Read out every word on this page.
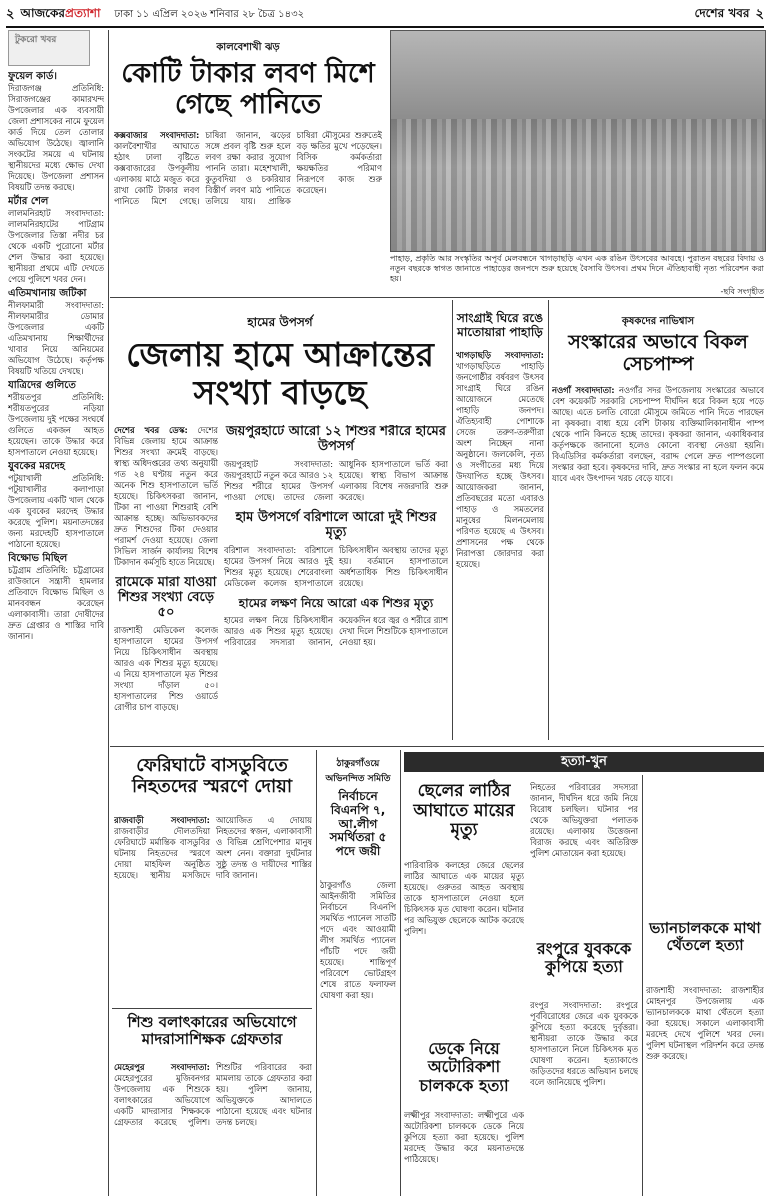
২ আজকেরপ্রত্যাশা ঢাকা ১১ এপ্রিল ২০২৬ শনিবার ২৮ চৈত্র ১৪৩২	দেশের খবর ২
টুকরো খবর
ফুয়েল কার্ড।
দিরাজগঞ্জ প্রতিনিধি: সিরাজগঞ্জের কামারখন্দ উপজেলার এক ব্যবসায়ী জেলা প্রশাসকের নামে ফুয়েল কার্ড দিয়ে তেল তোলার অভিযোগ উঠেছে। জ্বালানি সংকটের সময়ে এ ঘটনায় স্থানীয়দের মধ্যে ক্ষোভ দেখা দিয়েছে। উপজেলা প্রশাসন বিষয়টি তদন্ত করছে।
মর্টার শেল
লালমনিরহাট সংবাদদাতা: লালমনিরহাটের পাটগ্রাম উপজেলার তিস্তা নদীর চর থেকে একটি পুরোনো মর্টার শেল উদ্ধার করা হয়েছে। স্থানীয়রা প্রথমে এটি দেখতে পেয়ে পুলিশে খবর দেন।
এতিমখানায় জটিকা
নীলফামারী সংবাদদাতা: নীলফামারীর ডোমার উপজেলার একটি এতিমখানায় শিক্ষার্থীদের খাবার নিয়ে অনিয়মের অভিযোগ উঠেছে। কর্তৃপক্ষ বিষয়টি খতিয়ে দেখছে।
যাত্রিদের গুলিতে
শরীয়তপুর প্রতিনিধি: শরীয়তপুরের নড়িয়া উপজেলায় দুই পক্ষের সংঘর্ষে গুলিতে একজন আহত হয়েছেন। তাকে উদ্ধার করে হাসপাতালে নেওয়া হয়েছে।
যুবকের মরদেহ
পটুয়াখালী প্রতিনিধি: পটুয়াখালীর কলাপাড়া উপজেলায় একটি খাল থেকে এক যুবকের মরদেহ উদ্ধার করেছে পুলিশ। ময়নাতদন্তের জন্য মরদেহটি হাসপাতালে পাঠানো হয়েছে।
বিক্ষোভ মিছিল
চট্টগ্রাম প্রতিনিধি: চট্টগ্রামের রাউজানে সন্ত্রাসী হামলার প্রতিবাদে বিক্ষোভ মিছিল ও মানববন্ধন করেছেন এলাকাবাসী। তারা দোষীদের দ্রুত গ্রেপ্তার ও শাস্তির দাবি জানান।
কালবেশাখী ঝড়
কোটি টাকার লবণ মিশে গেছে পানিতে
কক্সবাজার সংবাদদাতা: কালবৈশাখীর আঘাতে হঠাৎ ঢালা বৃষ্টিতে কক্সবাজারের উপকূলীয় এলাকায় মাঠে মজুত করে রাখা কোটি টাকার লবণ পানিতে মিশে গেছে। চাষিরা জানান, ঝড়ের সঙ্গে প্রবল বৃষ্টি শুরু হলে লবণ রক্ষা করার সুযোগ পাননি তারা। মহেশখালী, কুতুবদিয়া ও চকরিয়ার বিস্তীর্ণ লবণ মাঠ পানিতে তলিয়ে যায়। প্রান্তিক চাষিরা মৌসুমের শুরুতেই বড় ক্ষতির মুখে পড়েছেন। বিসিক কর্মকর্তারা ক্ষয়ক্ষতির পরিমাণ নিরূপণে কাজ শুরু করেছেন।
পাহাড়, প্রকৃতি আর সংস্কৃতির অপূর্ব মেলবন্ধনে খাগড়াছড়ি এখন এক রঙিন উৎসবের আবহে। পুরাতন বছরের বিদায় ও নতুন বছরকে স্বাগত জানাতে পাহাড়ের জনপদে শুরু হয়েছে বৈসাবি উৎসব। প্রথম দিনে ঐতিহ্যবাহী নৃত্য পরিবেশন করা হয়।
-ছবি সংগৃহীত
হামের উপসর্গ
জেলায় হামে আক্রান্তের সংখ্যা বাড়ছে
দেশের খবর ডেস্ক: দেশের বিভিন্ন জেলায় হামে আক্রান্ত শিশুর সংখ্যা ক্রমেই বাড়ছে। স্বাস্থ্য অধিদপ্তরের তথ্য অনুযায়ী গত ২৪ ঘণ্টায় নতুন করে অনেক শিশু হাসপাতালে ভর্তি হয়েছে। চিকিৎসকরা জানান, টিকা না পাওয়া শিশুরাই বেশি আক্রান্ত হচ্ছে। অভিভাবকদের দ্রুত শিশুদের টিকা দেওয়ার পরামর্শ দেওয়া হয়েছে। জেলা সিভিল সার্জন কার্যালয় বিশেষ টিকাদান কর্মসূচি হাতে নিয়েছে।
রামেকে মারা যাওয়া শিশুর সংখ্যা বেড়ে ৫০
রাজশাহী মেডিকেল কলেজ হাসপাতালে হামের উপসর্গ নিয়ে চিকিৎসাধীন অবস্থায় আরও এক শিশুর মৃত্যু হয়েছে। এ নিয়ে হাসপাতালে মৃত শিশুর সংখ্যা দাঁড়াল ৫০। হাসপাতালের শিশু ওয়ার্ডে রোগীর চাপ বাড়ছে।
জয়পুরহাটে আরো ১২ শিশুর শরীরে হামের উপসর্গ
জয়পুরহাট সংবাদদাতা: জয়পুরহাটে নতুন করে আরও ১২ শিশুর শরীরে হামের উপসর্গ পাওয়া গেছে। তাদের জেলা আধুনিক হাসপাতালে ভর্তি করা হয়েছে। স্বাস্থ্য বিভাগ আক্রান্ত এলাকায় বিশেষ নজরদারি শুরু করেছে।
হাম উপসর্গে বরিশালে আরো দুই শিশুর মৃত্যু
বরিশাল সংবাদদাতা: বরিশালে হামের উপসর্গ নিয়ে আরও দুই শিশুর মৃত্যু হয়েছে। শেরেবাংলা মেডিকেল কলেজ হাসপাতালে চিকিৎসাধীন অবস্থায় তাদের মৃত্যু হয়। বর্তমানে হাসপাতালে অর্ধশতাধিক শিশু চিকিৎসাধীন রয়েছে।
হামের লক্ষণ নিয়ে আরো এক শিশুর মৃত্যু
হামের লক্ষণ নিয়ে চিকিৎসাধীন আরও এক শিশুর মৃত্যু হয়েছে। পরিবারের সদস্যরা জানান, কয়েকদিন ধরে জ্বর ও শরীরে র‍্যাশ দেখা দিলে শিশুটিকে হাসপাতালে নেওয়া হয়।
সাংগ্রাই ঘিরে রঙে মাতোয়ারা পাহাড়ি
খাগড়াছড়ি সংবাদদাতা: খাগড়াছড়িতে পাহাড়ি জনগোষ্ঠীর বর্ষবরণ উৎসব সাংগ্রাই ঘিরে রঙিন আয়োজনে মেতেছে পাহাড়ি জনপদ। ঐতিহ্যবাহী পোশাকে সেজে তরুণ-তরুণীরা অংশ নিচ্ছেন নানা অনুষ্ঠানে। জলকেলি, নৃত্য ও সংগীতের মধ্য দিয়ে উদযাপিত হচ্ছে উৎসব। আয়োজকরা জানান, প্রতিবছরের মতো এবারও পাহাড় ও সমতলের মানুষের মিলনমেলায় পরিণত হয়েছে এ উৎসব। প্রশাসনের পক্ষ থেকে নিরাপত্তা জোরদার করা হয়েছে।
কৃষকদের নাভিশ্বাস
সংস্কারের অভাবে বিকল সেচপাম্প
নওগাঁ সংবাদদাতা: নওগাঁর সদর উপজেলায় সংস্কারের অভাবে বেশ কয়েকটি সরকারি সেচপাম্প দীর্ঘদিন ধরে বিকল হয়ে পড়ে আছে। এতে চলতি বোরো মৌসুমে জমিতে পানি দিতে পারছেন না কৃষকরা। বাধ্য হয়ে বেশি টাকায় ব্যক্তিমালিকানাধীন পাম্প থেকে পানি কিনতে হচ্ছে তাদের। কৃষকরা জানান, একাধিকবার কর্তৃপক্ষকে জানানো হলেও কোনো ব্যবস্থা নেওয়া হয়নি। বিএডিসির কর্মকর্তারা বলছেন, বরাদ্দ পেলে দ্রুত পাম্পগুলো সংস্কার করা হবে। কৃষকদের দাবি, দ্রুত সংস্কার না হলে ফলন কমে যাবে এবং উৎপাদন খরচ বেড়ে যাবে।
ফেরিঘাটে বাসডুবিতে নিহতদের স্মরণে দোয়া
রাজবাড়ী সংবাদদাতা: রাজবাড়ীর দৌলতদিয়া ফেরিঘাটে মর্মান্তিক বাসডুবির ঘটনায় নিহতদের স্মরণে দোয়া মাহফিল অনুষ্ঠিত হয়েছে। স্থানীয় মসজিদে আয়োজিত এ দোয়ায় নিহতদের স্বজন, এলাকাবাসী ও বিভিন্ন শ্রেণিপেশার মানুষ অংশ নেন। বক্তারা দুর্ঘটনার সুষ্ঠু তদন্ত ও দায়ীদের শাস্তির দাবি জানান।
শিশু বলাৎকারের অভিযোগে মাদরাসাশিক্ষক গ্রেফতার
মেহেরপুর সংবাদদাতা: মেহেরপুরের মুজিবনগর উপজেলায় এক শিশুকে বলাৎকারের অভিযোগে একটি মাদরাসার শিক্ষককে গ্রেফতার করেছে পুলিশ। শিশুটির পরিবারের করা মামলায় তাকে গ্রেফতার করা হয়। পুলিশ জানায়, অভিযুক্তকে আদালতে পাঠানো হয়েছে এবং ঘটনার তদন্ত চলছে।
ঠাকুরগাঁওয়ে অভিনন্দিত সমিতি
নির্বাচনে বিএনপি ৭, আ.লীগ সমর্থিতরা ৫ পদে জয়ী
ঠাকুরগাঁও জেলা আইনজীবী সমিতির নির্বাচনে বিএনপি সমর্থিত প্যানেল সাতটি পদে এবং আওয়ামী লীগ সমর্থিত প্যানেল পাঁচটি পদে জয়ী হয়েছে। শান্তিপূর্ণ পরিবেশে ভোটগ্রহণ শেষে রাতে ফলাফল ঘোষণা করা হয়।
হত্যা-খুন
ছেলের লাঠির আঘাতে মায়ের মৃত্যু
পারিবারিক কলহের জেরে ছেলের লাঠির আঘাতে এক মায়ের মৃত্যু হয়েছে। গুরুতর আহত অবস্থায় তাকে হাসপাতালে নেওয়া হলে চিকিৎসক মৃত ঘোষণা করেন। ঘটনার পর অভিযুক্ত ছেলেকে আটক করেছে পুলিশ।
ডেকে নিয়ে অটোরিকশা চালককে হত্যা
লক্ষ্মীপুর সংবাদদাতা: লক্ষ্মীপুরে এক অটোরিকশা চালককে ডেকে নিয়ে কুপিয়ে হত্যা করা হয়েছে। পুলিশ মরদেহ উদ্ধার করে ময়নাতদন্তে পাঠিয়েছে।
নিহতের পরিবারের সদস্যরা জানান, দীর্ঘদিন ধরে জমি নিয়ে বিরোধ চলছিল। ঘটনার পর থেকে অভিযুক্তরা পলাতক রয়েছে। এলাকায় উত্তেজনা বিরাজ করছে এবং অতিরিক্ত পুলিশ মোতায়েন করা হয়েছে।
রংপুরে যুবককে কুপিয়ে হত্যা
রংপুর সংবাদদাতা: রংপুরে পূর্ববিরোধের জেরে এক যুবককে কুপিয়ে হত্যা করেছে দুর্বৃত্তরা। স্থানীয়রা তাকে উদ্ধার করে হাসপাতালে নিলে চিকিৎসক মৃত ঘোষণা করেন। হত্যাকাণ্ডে জড়িতদের ধরতে অভিযান চলছে বলে জানিয়েছে পুলিশ।
ভ্যানচালককে মাথা থেঁতলে হত্যা
রাজশাহী সংবাদদাতা: রাজশাহীর মোহনপুর উপজেলায় এক ভ্যানচালককে মাথা থেঁতলে হত্যা করা হয়েছে। সকালে এলাকাবাসী মরদেহ দেখে পুলিশে খবর দেন। পুলিশ ঘটনাস্থল পরিদর্শন করে তদন্ত শুরু করেছে।
